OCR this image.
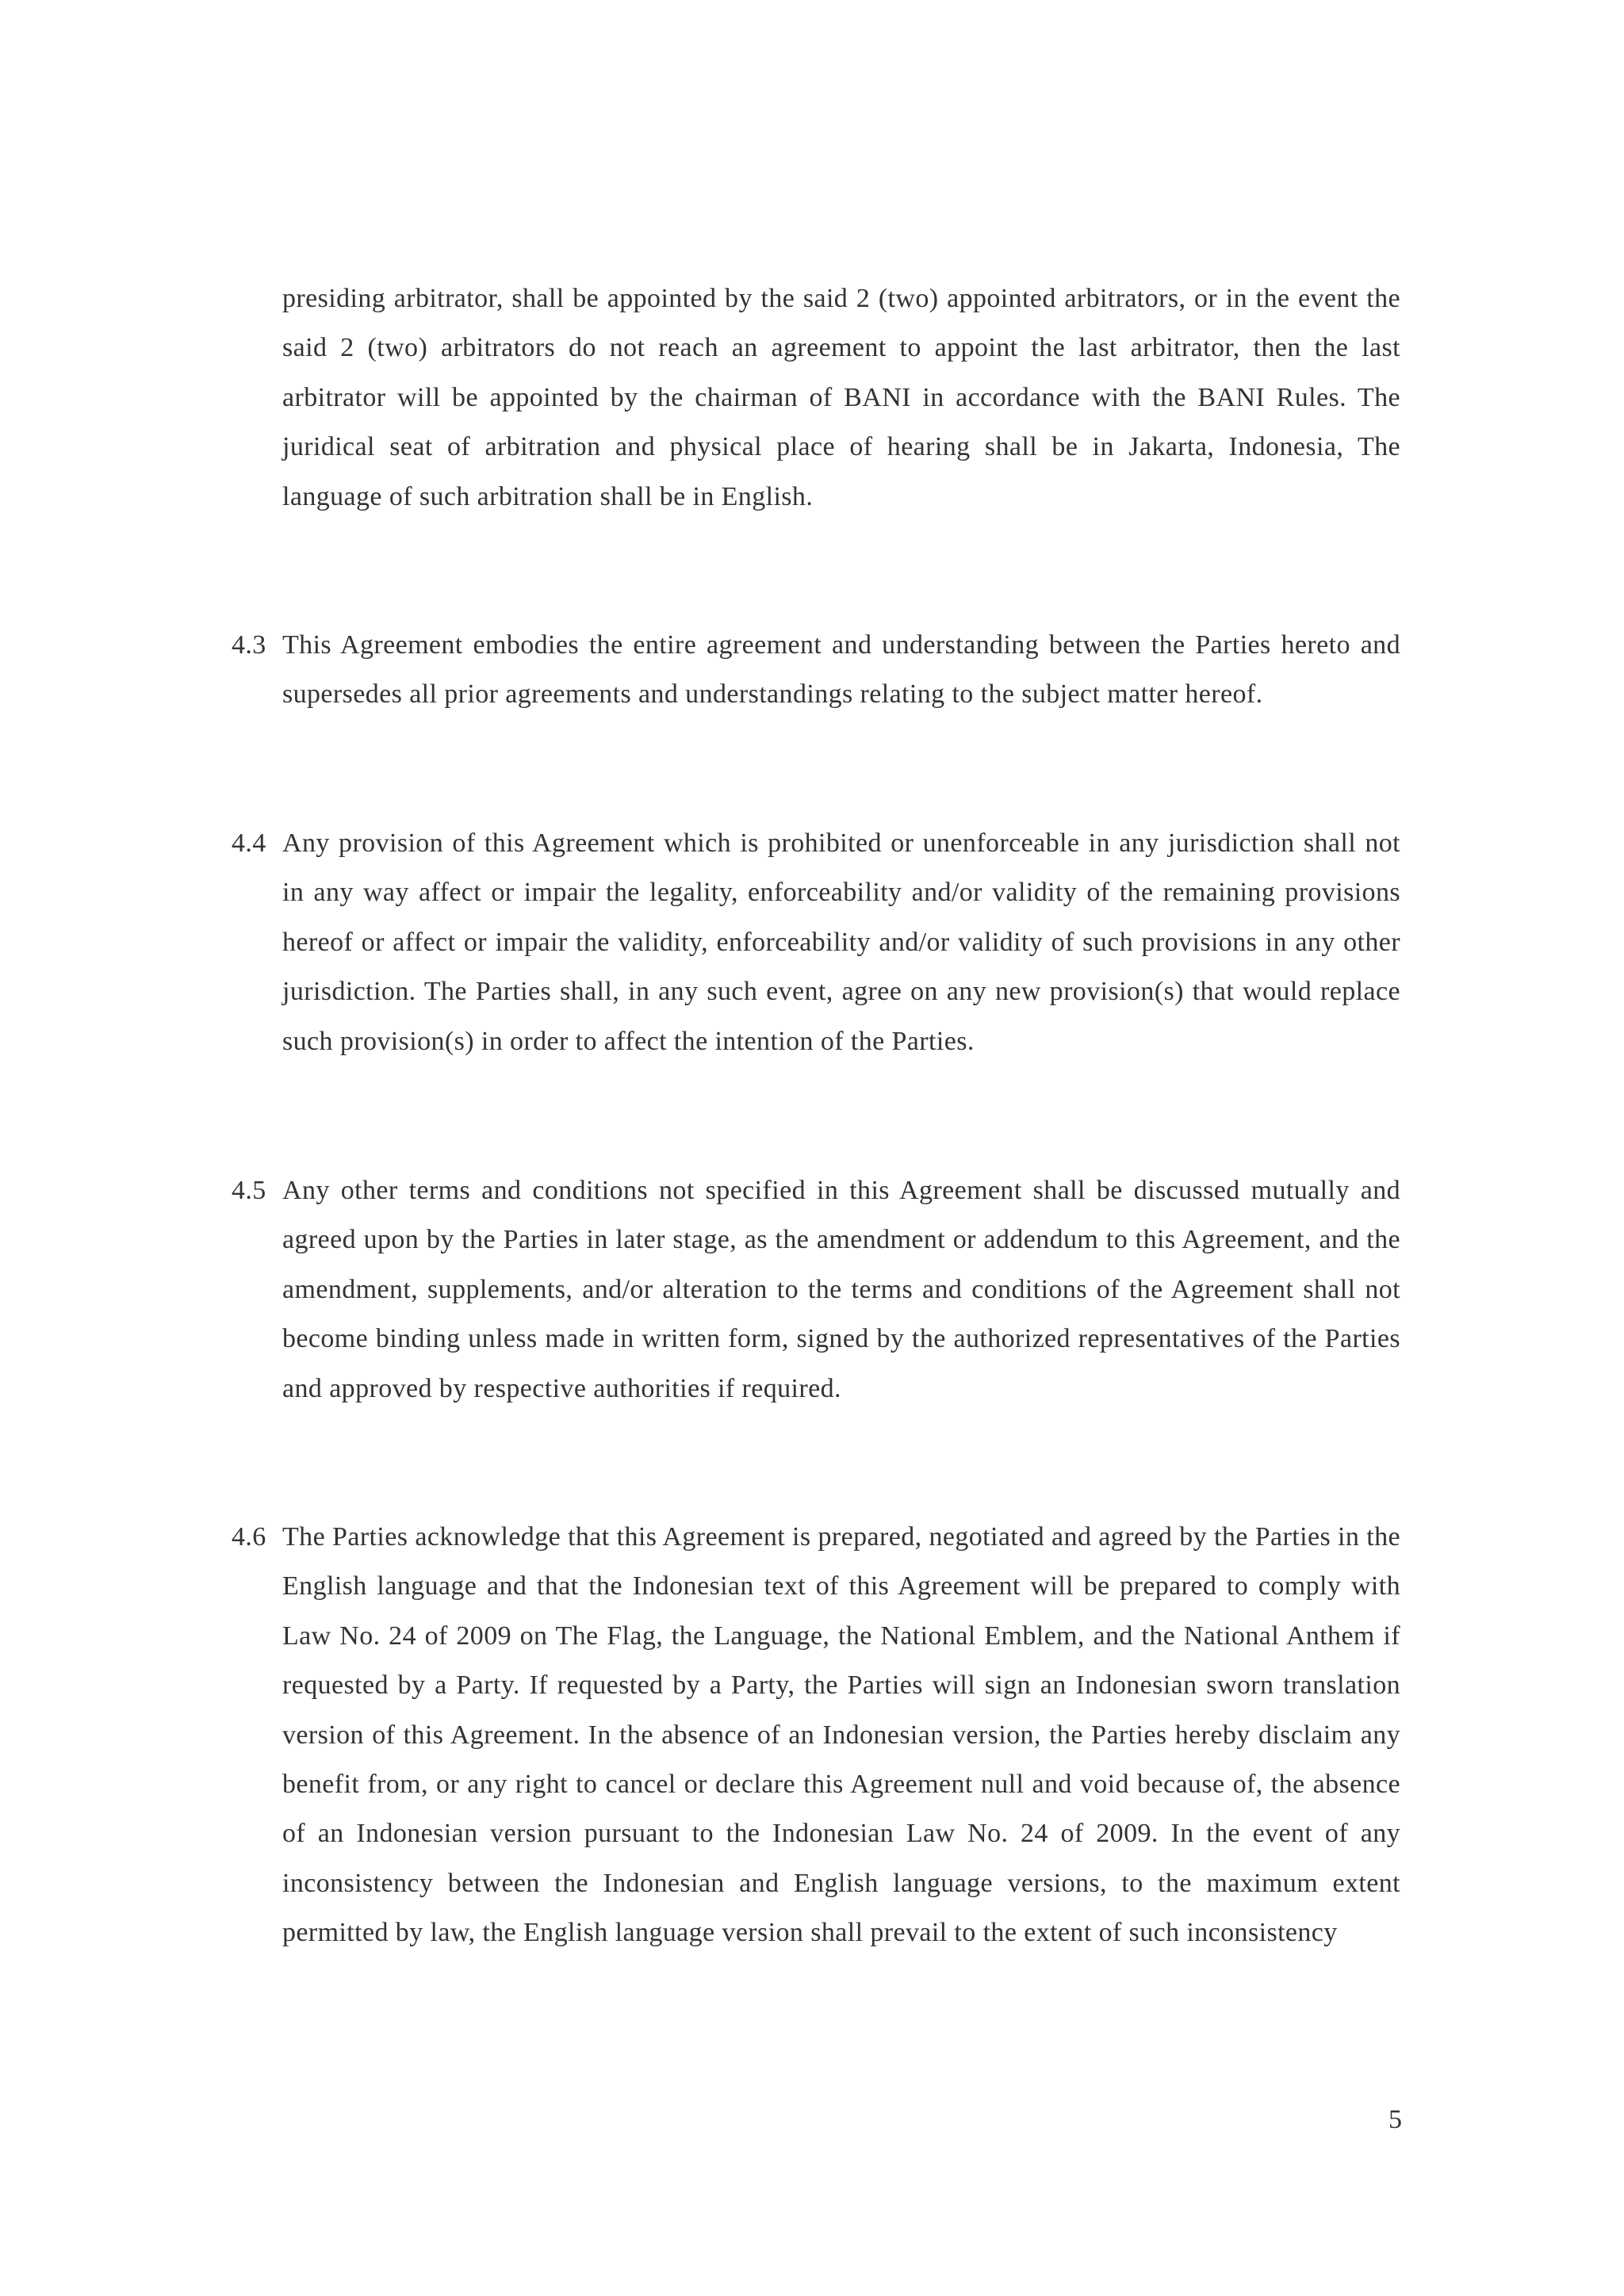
presiding arbitrator, shall be appointed by the said 2 (two) appointed arbitrators, or in the event the said 2 (two) arbitrators do not reach an agreement to appoint the last arbitrator, then the last arbitrator will be appointed by the chairman of BANI in accordance with the BANI Rules. The juridical seat of arbitration and physical place of hearing shall be in Jakarta, Indonesia, The language of such arbitration shall be in English.
4.3 This Agreement embodies the entire agreement and understanding between the Parties hereto and supersedes all prior agreements and understandings relating to the subject matter hereof.
4.4 Any provision of this Agreement which is prohibited or unenforceable in any jurisdiction shall not in any way affect or impair the legality, enforceability and/or validity of the remaining provisions hereof or affect or impair the validity, enforceability and/or validity of such provisions in any other jurisdiction. The Parties shall, in any such event, agree on any new provision(s) that would replace such provision(s) in order to affect the intention of the Parties.
4.5 Any other terms and conditions not specified in this Agreement shall be discussed mutually and agreed upon by the Parties in later stage, as the amendment or addendum to this Agreement, and the amendment, supplements, and/or alteration to the terms and conditions of the Agreement shall not become binding unless made in written form, signed by the authorized representatives of the Parties and approved by respective authorities if required.
4.6 The Parties acknowledge that this Agreement is prepared, negotiated and agreed by the Parties in the English language and that the Indonesian text of this Agreement will be prepared to comply with Law No. 24 of 2009 on The Flag, the Language, the National Emblem, and the National Anthem if requested by a Party. If requested by a Party, the Parties will sign an Indonesian sworn translation version of this Agreement. In the absence of an Indonesian version, the Parties hereby disclaim any benefit from, or any right to cancel or declare this Agreement null and void because of, the absence of an Indonesian version pursuant to the Indonesian Law No. 24 of 2009. In the event of any inconsistency between the Indonesian and English language versions, to the maximum extent permitted by law, the English language version shall prevail to the extent of such inconsistency
5
